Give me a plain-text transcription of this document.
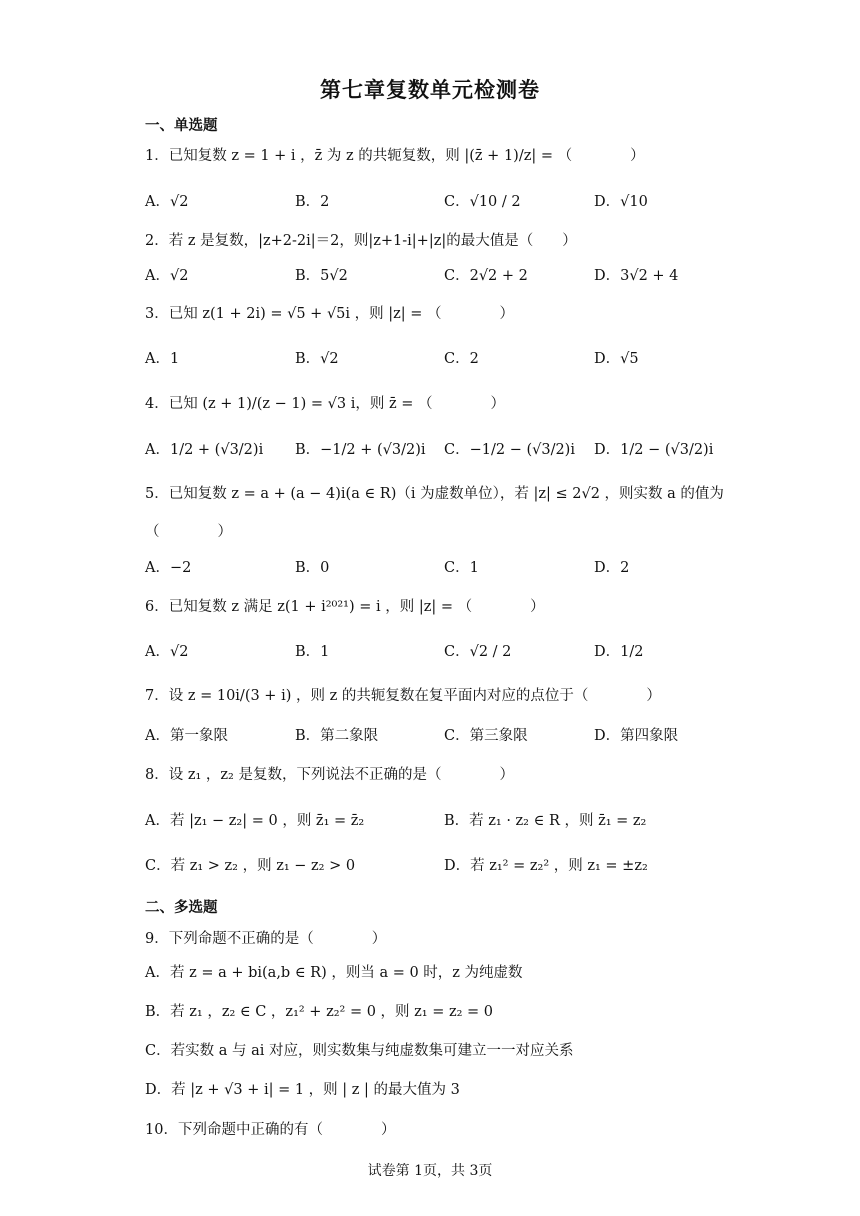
第七章复数单元检测卷
一、单选题
1．已知复数 z = 1 + i ，z̄ 为 z 的共轭复数，则 |(z̄ + 1)/z| = （　　　　）
A．√2	B．2	C．√10 / 2	D．√10
2．若 z 是复数，|z+2-2i|＝2，则|z+1-i|+|z|的最大值是（　　）
A．√2	B．5√2	C．2√2 + 2	D．3√2 + 4
3．已知 z(1 + 2i) = √5 + √5i ，则 |z| = （　　　　）
A．1	B．√2	C．2	D．√5
4．已知 (z + 1)/(z − 1) = √3 i，则 z̄ = （　　　　）
A．1/2 + (√3/2)i B．−1/2 + (√3/2)i C．−1/2 − (√3/2)i D．1/2 − (√3/2)i
5．已知复数 z = a + (a − 4)i(a ∈ R)（i 为虚数单位），若 |z| ≤ 2√2 ，则实数 a 的值为
（　　　　）
A．−2	B．0	C．1	D．2
6．已知复数 z 满足 z(1 + i²⁰²¹) = i ，则 |z| = （　　　　）
A．√2	B．1	C．√2 / 2	D．1/2
7．设 z = 10i/(3 + i) ，则 z 的共轭复数在复平面内对应的点位于（　　　　）
A．第一象限	B．第二象限	C．第三象限	D．第四象限
8．设 z₁ ，z₂ 是复数，下列说法不正确的是（　　　　）
A．若 |z₁ − z₂| = 0 ，则 z̄₁ = z̄₂	B．若 z₁ · z₂ ∈ R ，则 z̄₁ = z₂
C．若 z₁ > z₂ ，则 z₁ − z₂ > 0	D．若 z₁² = z₂² ，则 z₁ = ±z₂
二、多选题
9．下列命题不正确的是（　　　　）
A．若 z = a + bi(a,b ∈ R) ，则当 a = 0 时，z 为纯虚数
B．若 z₁ ，z₂ ∈ C ，z₁² + z₂² = 0 ，则 z₁ = z₂ = 0
C．若实数 a 与 ai 对应，则实数集与纯虚数集可建立一一对应关系
D．若 |z + √3 + i| = 1 ，则 | z | 的最大值为 3
10．下列命题中正确的有（　　　　）
试卷第 1页，共 3页
